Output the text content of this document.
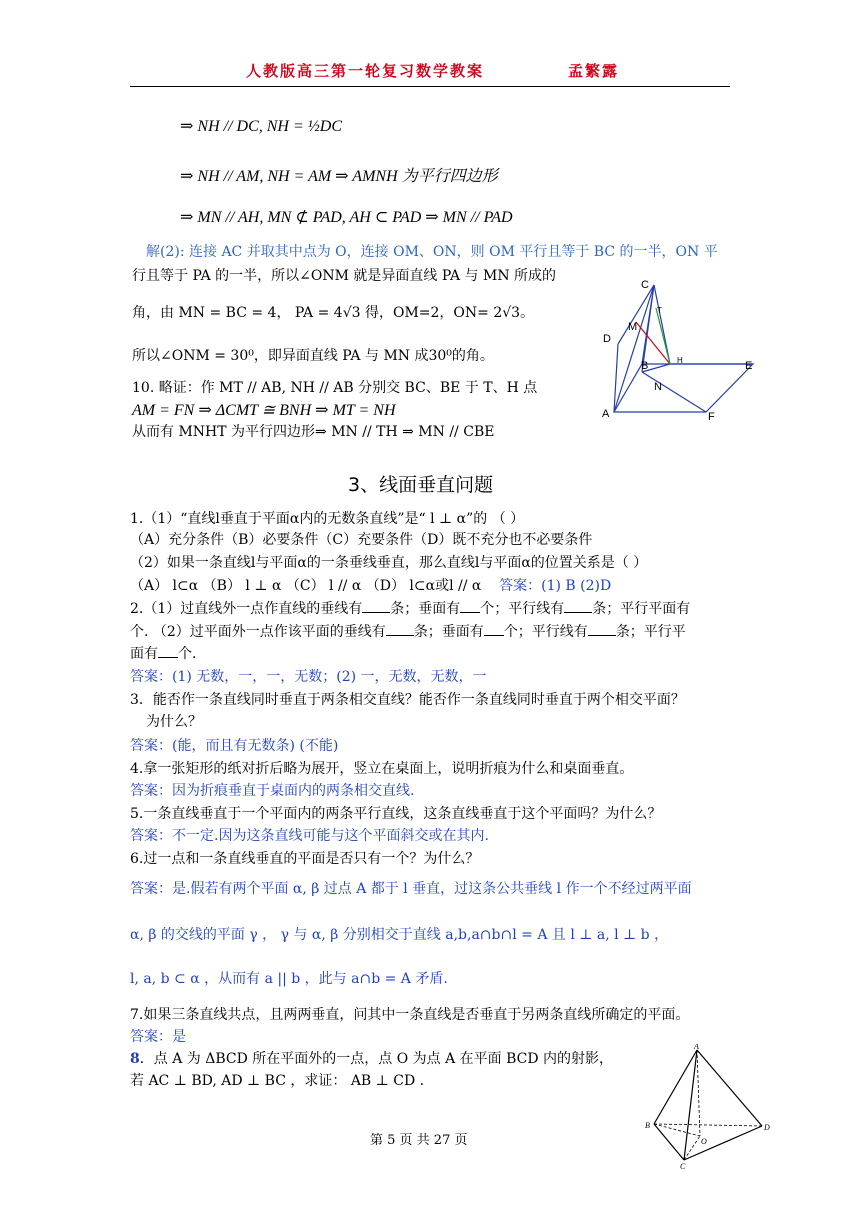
人教版高三第一轮复习数学教案	孟繁露
⇒ NH // DC, NH = ½DC
⇒ NH // AM, NH = AM ⇒ AMNH 为平行四边形
⇒ MN // AH, MN ⊄ PAD, AH ⊂ PAD ⇒ MN // PAD
解(2): 连接 AC 并取其中点为 O，连接 OM、ON，则 OM 平行且等于 BC 的一半，ON 平
行且等于 PA 的一半，所以∠ONM 就是异面直线 PA 与 MN 所成的
角，由 MN = BC = 4， PA = 4√3 得，OM=2，ON= 2√3。
所以∠ONM = 30⁰，即异面直线 PA 与 MN 成30⁰的角。
10. 略证：作 MT // AB, NH // AB 分别交 BC、BE 于 T、H 点
AM = FN ⇒ ΔCMT ≅ BNH ⇒ MT = NH
从而有 MNHT 为平行四边形⇒ MN // TH ⇒ MN // CBE
C
T
M
D
B	H	E
N
A	F
3、线面垂直问题
1.（1）“直线l垂直于平面α内的无数条直线”是“ l ⊥ α”的 （ ）
（A）充分条件（B）必要条件（C）充要条件（D）既不充分也不必要条件
（2）如果一条直线l与平面α的一条垂线垂直，那么直线l与平面α的位置关系是（ ）
（A） l⊂α （B） l ⊥ α （C） l // α （D） l⊂α或l // α 答案：(1) B (2)D
2.（1）过直线外一点作直线的垂线有 条；垂面有 个；平行线有 条；平行平面有
个. （2）过平面外一点作该平面的垂线有 条；垂面有 个；平行线有 条；平行平
面有 个.
答案：(1) 无数，一，一，无数；(2) 一，无数，无数，一
3．能否作一条直线同时垂直于两条相交直线？能否作一条直线同时垂直于两个相交平面？
为什么？
答案：(能，而且有无数条) (不能)
4.拿一张矩形的纸对折后略为展开，竖立在桌面上，说明折痕为什么和桌面垂直。
答案：因为折痕垂直于桌面内的两条相交直线.
5.一条直线垂直于一个平面内的两条平行直线，这条直线垂直于这个平面吗？为什么？
答案：不一定.因为这条直线可能与这个平面斜交或在其内.
6.过一点和一条直线垂直的平面是否只有一个？为什么？
答案：是.假若有两个平面 α, β 过点 A 都于 l 垂直，过这条公共垂线 l 作一个不经过两平面
α, β 的交线的平面 γ ， γ 与 α, β 分别相交于直线 a,b,a∩b∩l = A 且 l ⊥ a, l ⊥ b ，
l, a, b ⊂ α ，从而有 a || b ，此与 a∩b = A 矛盾.
7.如果三条直线共点，且两两垂直，问其中一条直线是否垂直于另两条直线所确定的平面。
答案：是
8．点 A 为 ΔBCD 所在平面外的一点，点 O 为点 A 在平面 BCD 内的射影，
若 AC ⊥ BD, AD ⊥ BC ，求证： AB ⊥ CD .
A
B
O
D
C
第 5 页 共 27 页
